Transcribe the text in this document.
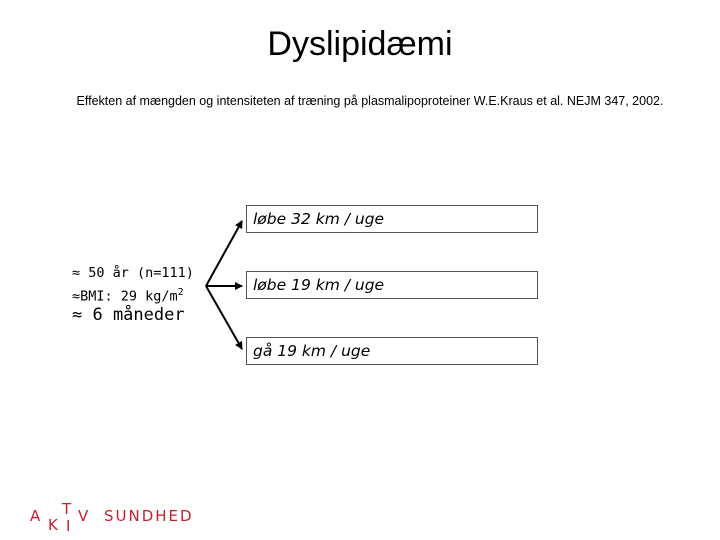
Dyslipidæmi
Effekten af mængden og intensiteten af træning på plasmalipoproteiner W.E.Kraus et al. NEJM 347, 2002.
≈ 50 år (n=111)
≈BMI: 29 $kg/m^2$
≈ 6 måneder
løbe 32 km / uge
løbe 19 km / uge
gå 19 km / uge
A K
T
I
V SUNDHED
